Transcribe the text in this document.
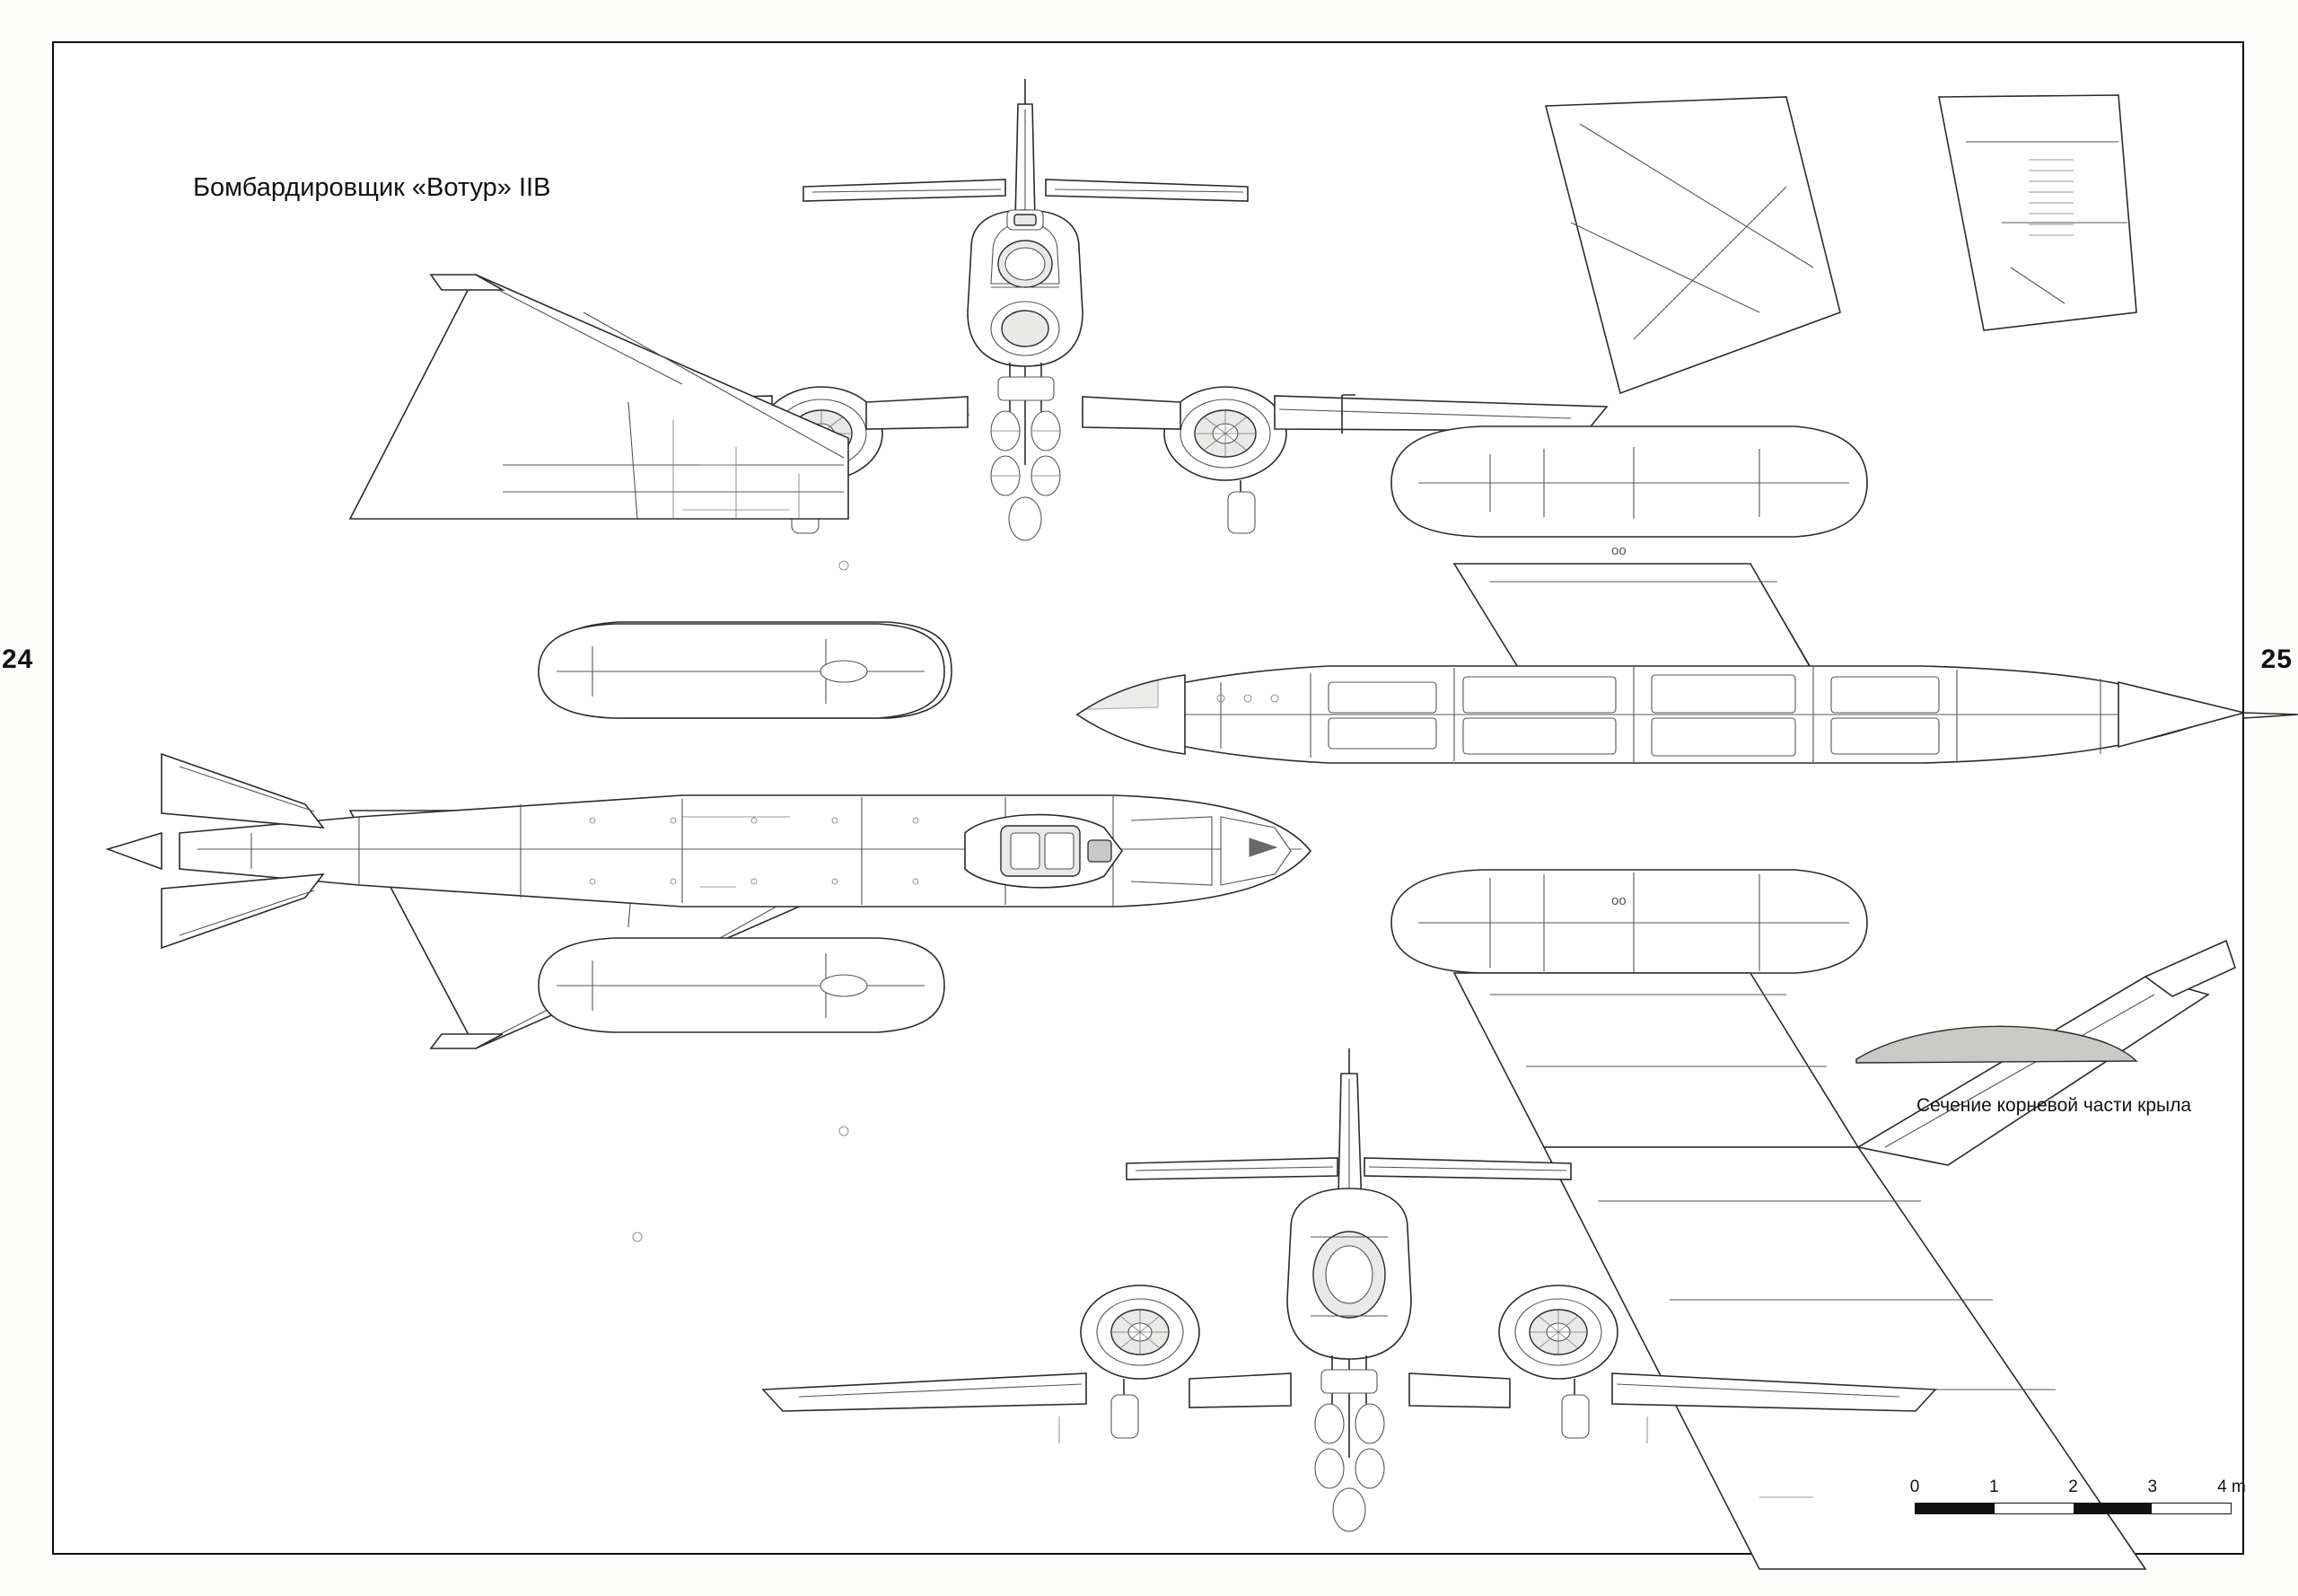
24	25
oo
oo
Бомбардировщик «Вотур» IIB
Сечение корневой части крыла
0	1	2	3	4 m
